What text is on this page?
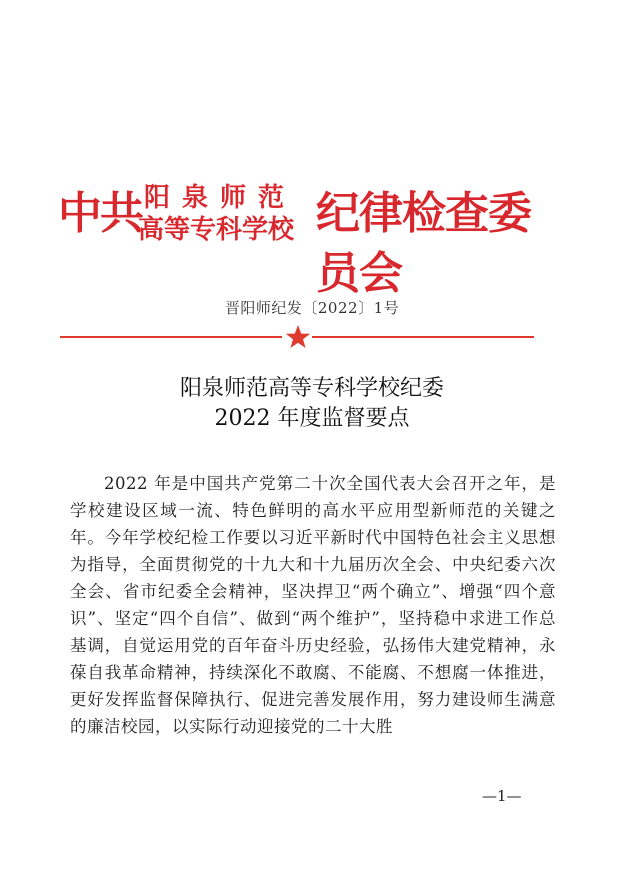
中共 阳泉师范
高等专科学校 纪律检查委员会
晋阳师纪发〔2022〕1号
阳泉师范高等专科学校纪委
2022 年度监督要点
2022 年是中国共产党第二十次全国代表大会召开之年，是学校建设区域一流、特色鲜明的高水平应用型新师范的关键之年。今年学校纪检工作要以习近平新时代中国特色社会主义思想为指导，全面贯彻党的十九大和十九届历次全会、中央纪委六次全会、省市纪委全会精神，坚决捍卫“两个确立”、增强“四个意识”、坚定“四个自信”、做到“两个维护”，坚持稳中求进工作总基调，自觉运用党的百年奋斗历史经验，弘扬伟大建党精神，永葆自我革命精神，持续深化不敢腐、不能腐、不想腐一体推进，更好发挥监督保障执行、促进完善发展作用，努力建设师生满意的廉洁校园，以实际行动迎接党的二十大胜
—1—
